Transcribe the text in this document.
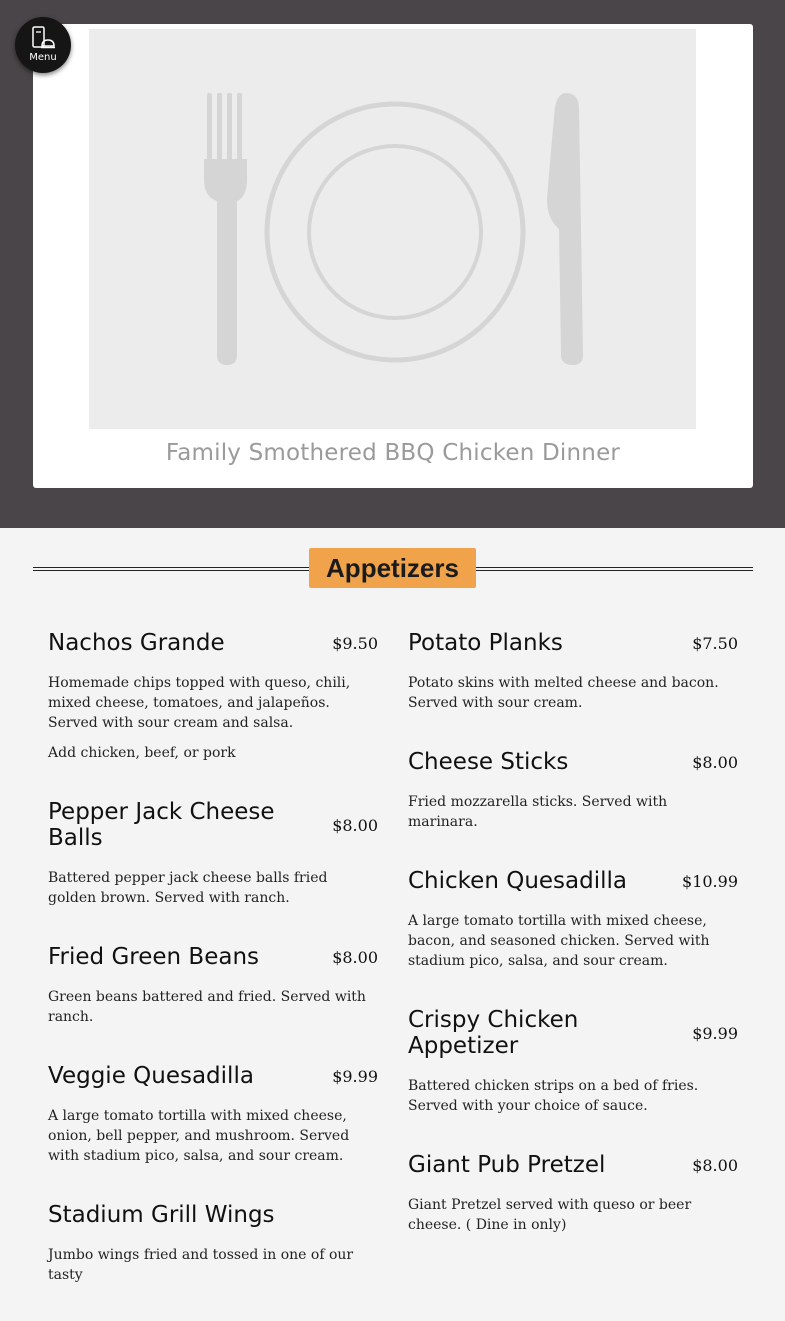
Family Smothered BBQ Chicken Dinner
Menu
Appetizers
Nachos Grande	$9.50
Homemade chips topped with queso, chili, mixed cheese, tomatoes, and jalapeños. Served with sour cream and salsa.
Add chicken, beef, or pork
Pepper Jack Cheese Balls	$8.00
Battered pepper jack cheese balls fried golden brown. Served with ranch.
Fried Green Beans	$8.00
Green beans battered and fried. Served with ranch.
Veggie Quesadilla	$9.99
A large tomato tortilla with mixed cheese, onion, bell pepper, and mushroom. Served with stadium pico, salsa, and sour cream.
Stadium Grill Wings
Jumbo wings fried and tossed in one of our tasty
Potato Planks	$7.50
Potato skins with melted cheese and bacon. Served with sour cream.
Cheese Sticks	$8.00
Fried mozzarella sticks. Served with marinara.
Chicken Quesadilla	$10.99
A large tomato tortilla with mixed cheese, bacon, and seasoned chicken. Served with stadium pico, salsa, and sour cream.
Crispy Chicken Appetizer	$9.99
Battered chicken strips on a bed of fries. Served with your choice of sauce.
Giant Pub Pretzel	$8.00
Giant Pretzel served with queso or beer cheese. ( Dine in only)
